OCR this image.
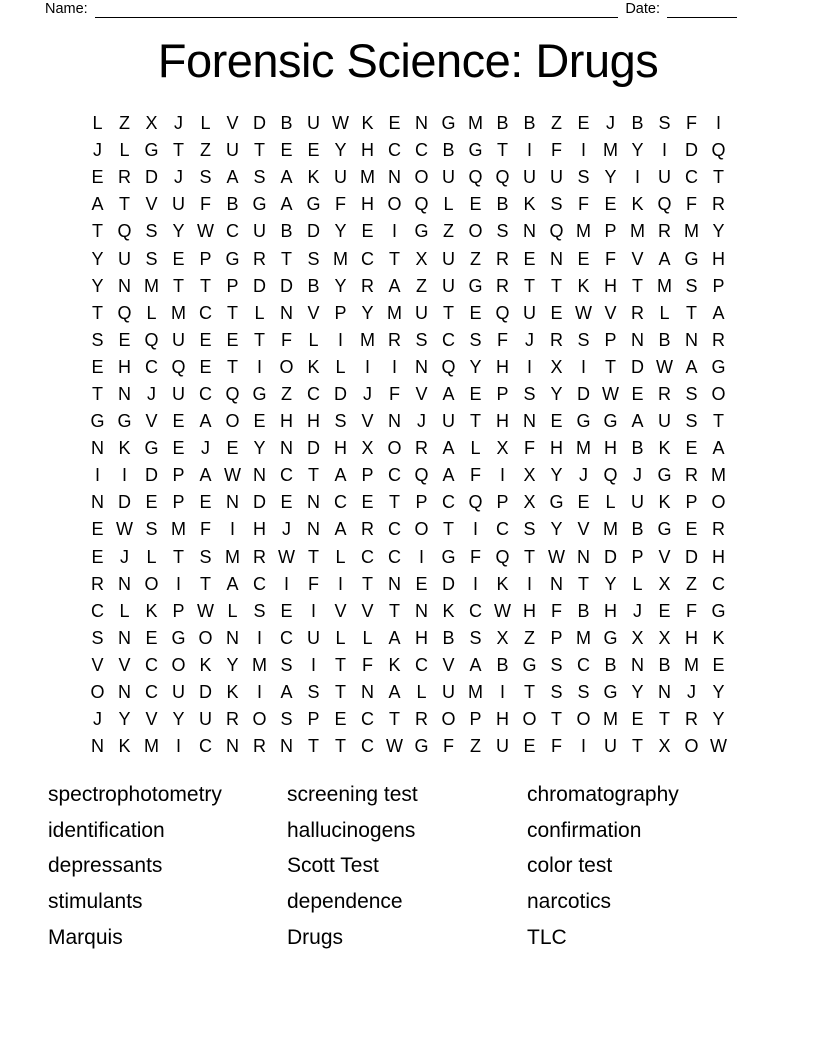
Name:	Date:
Forensic Science: Drugs
L Z X J L V D B U W K E N G M B B Z E J B S F	I
J L G T Z U T E E Y H C C B G T	I	F	I M Y	I	D Q
E R D J S A S A K U M N O U Q Q U U S Y	I	U C T
A T V U F B G A G F H O Q L E B K S F E K Q F R
T Q S Y W C U B D Y E	I G Z O S N Q M P M R M Y
Y U S E P G R T S M C T X U Z R E N E F V A G H
Y N M T T P D D B Y R A Z U G R T T K H T M S P
T Q L M C T L N V P Y M U T E Q U E W V R L T A
S E Q U E E T F L	I M R S C S F J R S P N B N R
E H C Q E T	I O K L	I	I	N Q Y H I	X	I	T D W A G
T N J U C Q G Z C D J F V A E P S Y D W E R S O
G G V E A O E H H S V N J U T H N E G G A U S T
N K G E J E Y N D H X O R A L X F H M H B K E A
I	I	D P A W N C T A P C Q A F	I	X Y J Q J G R M
N D E P E N D E N C E T P C Q P X G E L U K P O
E W S M F	I	H J N A R C O T	I	C S Y V M B G E R
E J L T S M R W T L C C I G F Q T W N D P V D H
R N O I	T A C I	F	I	T N E D I	K	I	N T Y L X Z C
C L K P W L S E	I	V V T N K C W H F B H J E F G
S N E G O N I	C U L L A H B S X Z P M G X X H K
V V C O K Y M S	I	T F K C V A B G S C B N B M E
O N C U D K	I	A S T N A L U M I	T S S G Y N J Y
J Y V Y U R O S P E C T R O P H O T O M E T R Y
N K M I	C N R N T T C W G F Z U E F	I	U T X O W
spectrophotometry	screening test	chromatography
identification	hallucinogens	confirmation
depressants	Scott Test	color test
stimulants	dependence	narcotics
Marquis	Drugs	TLC
